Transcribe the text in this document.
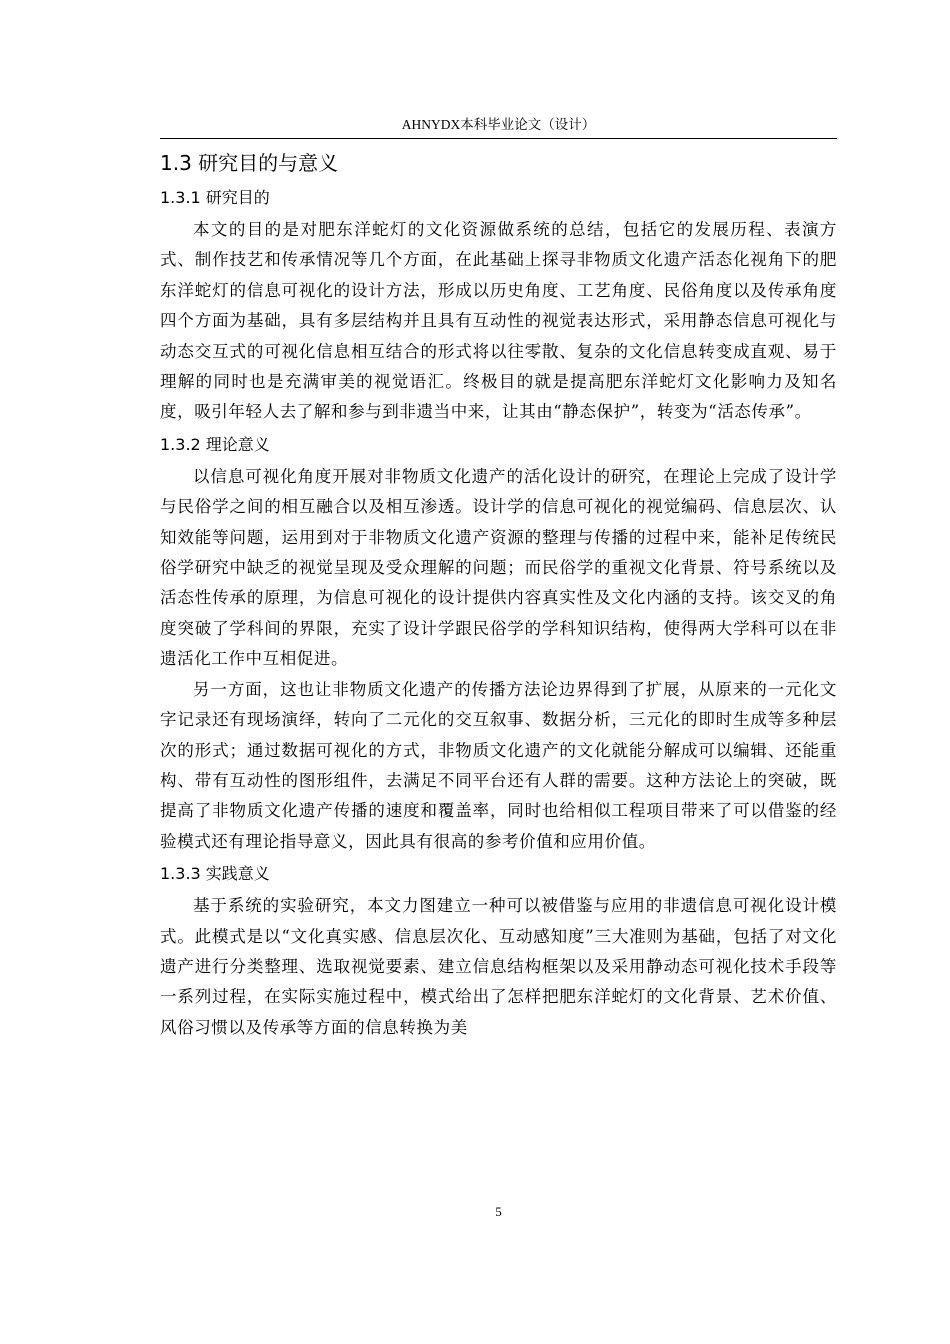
AHNYDX本科毕业论文（设计）
1.3 研究目的与意义
1.3.1 研究目的

本文的目的是对肥东洋蛇灯的文化资源做系统的总结，包括它的发展历程、表演方式、制作技艺和传承情况等几个方面，在此基础上探寻非物质文化遗产活态化视角下的肥东洋蛇灯的信息可视化的设计方法，形成以历史角度、工艺角度、民俗角度以及传承角度四个方面为基础，具有多层结构并且具有互动性的视觉表达形式，采用静态信息可视化与动态交互式的可视化信息相互结合的形式将以往零散、复杂的文化信息转变成直观、易于理解的同时也是充满审美的视觉语汇。终极目的就是提高肥东洋蛇灯文化影响力及知名度，吸引年轻人去了解和参与到非遗当中来，让其由“静态保护”，转变为“活态传承”。

1.3.2 理论意义

以信息可视化角度开展对非物质文化遗产的活化设计的研究，在理论上完成了设计学与民俗学之间的相互融合以及相互渗透。设计学的信息可视化的视觉编码、信息层次、认知效能等问题，运用到对于非物质文化遗产资源的整理与传播的过程中来，能补足传统民俗学研究中缺乏的视觉呈现及受众理解的问题；而民俗学的重视文化背景、符号系统以及活态性传承的原理，为信息可视化的设计提供内容真实性及文化内涵的支持。该交叉的角度突破了学科间的界限，充实了设计学跟民俗学的学科知识结构，使得两大学科可以在非遗活化工作中互相促进。

另一方面，这也让非物质文化遗产的传播方法论边界得到了扩展，从原来的一元化文字记录还有现场演绎，转向了二元化的交互叙事、数据分析，三元化的即时生成等多种层次的形式；通过数据可视化的方式，非物质文化遗产的文化就能分解成可以编辑、还能重构、带有互动性的图形组件，去满足不同平台还有人群的需要。这种方法论上的突破，既提高了非物质文化遗产传播的速度和覆盖率，同时也给相似工程项目带来了可以借鉴的经验模式还有理论指导意义，因此具有很高的参考价值和应用价值。

1.3.3 实践意义

基于系统的实验研究，本文力图建立一种可以被借鉴与应用的非遗信息可视化设计模式。此模式是以“文化真实感、信息层次化、互动感知度”三大准则为基础，包括了对文化遗产进行分类整理、选取视觉要素、建立信息结构框架以及采用静动态可视化技术手段等一系列过程，在实际实施过程中，模式给出了怎样把肥东洋蛇灯的文化背景、艺术价值、风俗习惯以及传承等方面的信息转换为美

5
